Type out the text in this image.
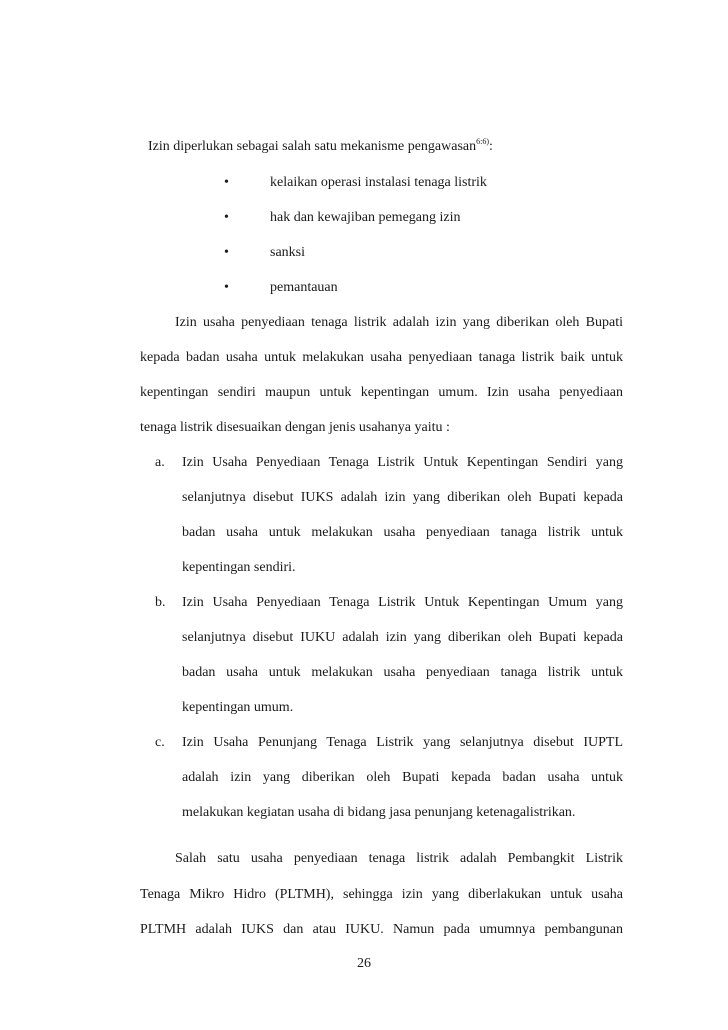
Izin diperlukan sebagai salah satu mekanisme pengawasan$^{6:6)}$:
•	kelaikan operasi instalasi tenaga listrik
•	hak dan kewajiban pemegang izin
•	sanksi
•	pemantauan
Izin usaha penyediaan tenaga listrik adalah izin yang diberikan oleh Bupati
kepada badan usaha untuk melakukan usaha penyediaan tanaga listrik baik untuk
kepentingan sendiri maupun untuk kepentingan umum. Izin usaha penyediaan
tenaga listrik disesuaikan dengan jenis usahanya yaitu :
a. Izin Usaha Penyediaan Tenaga Listrik Untuk Kepentingan Sendiri yang
selanjutnya disebut IUKS adalah izin yang diberikan oleh Bupati kepada
badan usaha untuk melakukan usaha penyediaan tanaga listrik untuk
kepentingan sendiri.
b. Izin Usaha Penyediaan Tenaga Listrik Untuk Kepentingan Umum yang
selanjutnya disebut IUKU adalah izin yang diberikan oleh Bupati kepada
badan usaha untuk melakukan usaha penyediaan tanaga listrik untuk
kepentingan umum.
c. Izin Usaha Penunjang Tenaga Listrik yang selanjutnya disebut IUPTL
adalah izin yang diberikan oleh Bupati kepada badan usaha untuk
melakukan kegiatan usaha di bidang jasa penunjang ketenagalistrikan.
Salah satu usaha penyediaan tenaga listrik adalah Pembangkit Listrik
Tenaga Mikro Hidro (PLTMH), sehingga izin yang diberlakukan untuk usaha
PLTMH adalah IUKS dan atau IUKU. Namun pada umumnya pembangunan
26
